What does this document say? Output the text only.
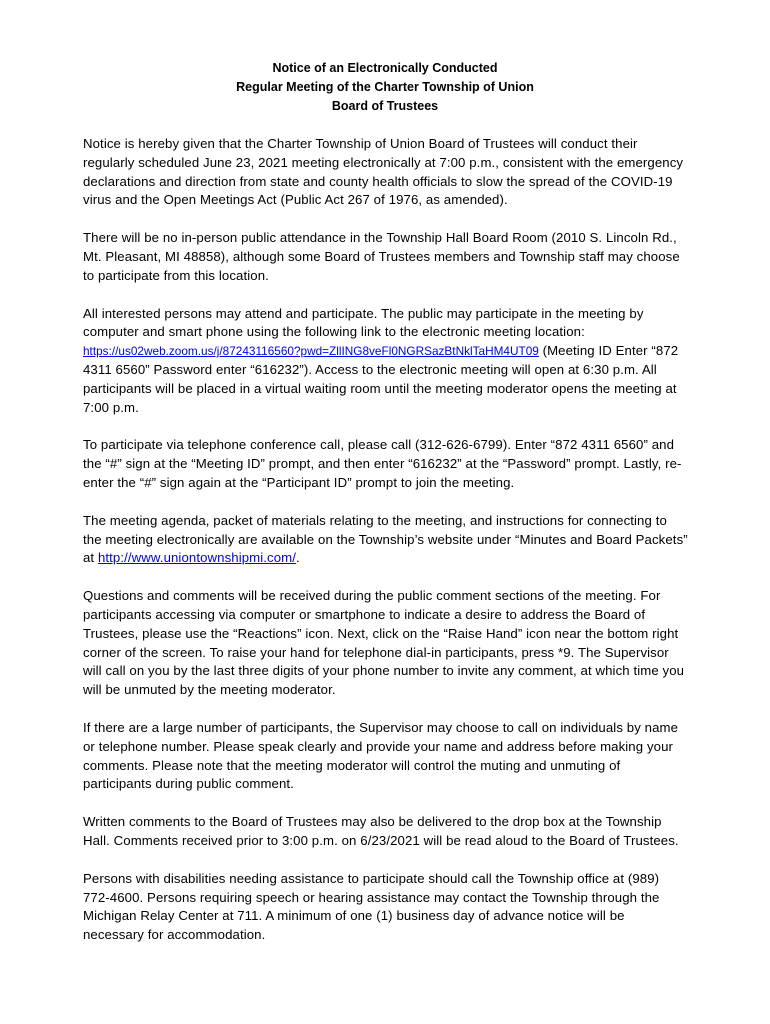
Notice of an Electronically Conducted
Regular Meeting of the Charter Township of Union
Board of Trustees

Notice is hereby given that the Charter Township of Union Board of Trustees will conduct their regularly scheduled June 23, 2021 meeting electronically at 7:00 p.m., consistent with the emergency declarations and direction from state and county health officials to slow the spread of the COVID-19 virus and the Open Meetings Act (Public Act 267 of 1976, as amended).

There will be no in-person public attendance in the Township Hall Board Room (2010 S. Lincoln Rd., Mt. Pleasant, MI 48858), although some Board of Trustees members and Township staff may choose to participate from this location.

All interested persons may attend and participate. The public may participate in the meeting by computer and smart phone using the following link to the electronic meeting location: https://us02web.zoom.us/j/87243116560?pwd=ZllING8veFl0NGRSazBtNklTaHM4UT09 (Meeting ID Enter “872 4311 6560” Password enter “616232”). Access to the electronic meeting will open at 6:30 p.m. All participants will be placed in a virtual waiting room until the meeting moderator opens the meeting at 7:00 p.m.

To participate via telephone conference call, please call (312-626-6799). Enter “872 4311 6560” and the “#” sign at the “Meeting ID” prompt, and then enter “616232” at the “Password” prompt. Lastly, re-enter the “#” sign again at the “Participant ID” prompt to join the meeting.

The meeting agenda, packet of materials relating to the meeting, and instructions for connecting to the meeting electronically are available on the Township’s website under “Minutes and Board Packets” at http://www.uniontownshipmi.com/.

Questions and comments will be received during the public comment sections of the meeting. For participants accessing via computer or smartphone to indicate a desire to address the Board of Trustees, please use the “Reactions” icon. Next, click on the “Raise Hand” icon near the bottom right corner of the screen. To raise your hand for telephone dial-in participants, press *9. The Supervisor will call on you by the last three digits of your phone number to invite any comment, at which time you will be unmuted by the meeting moderator.

If there are a large number of participants, the Supervisor may choose to call on individuals by name or telephone number. Please speak clearly and provide your name and address before making your comments. Please note that the meeting moderator will control the muting and unmuting of participants during public comment.

Written comments to the Board of Trustees may also be delivered to the drop box at the Township Hall. Comments received prior to 3:00 p.m. on 6/23/2021 will be read aloud to the Board of Trustees.

Persons with disabilities needing assistance to participate should call the Township office at (989) 772-4600. Persons requiring speech or hearing assistance may contact the Township through the Michigan Relay Center at 711. A minimum of one (1) business day of advance notice will be necessary for accommodation.
